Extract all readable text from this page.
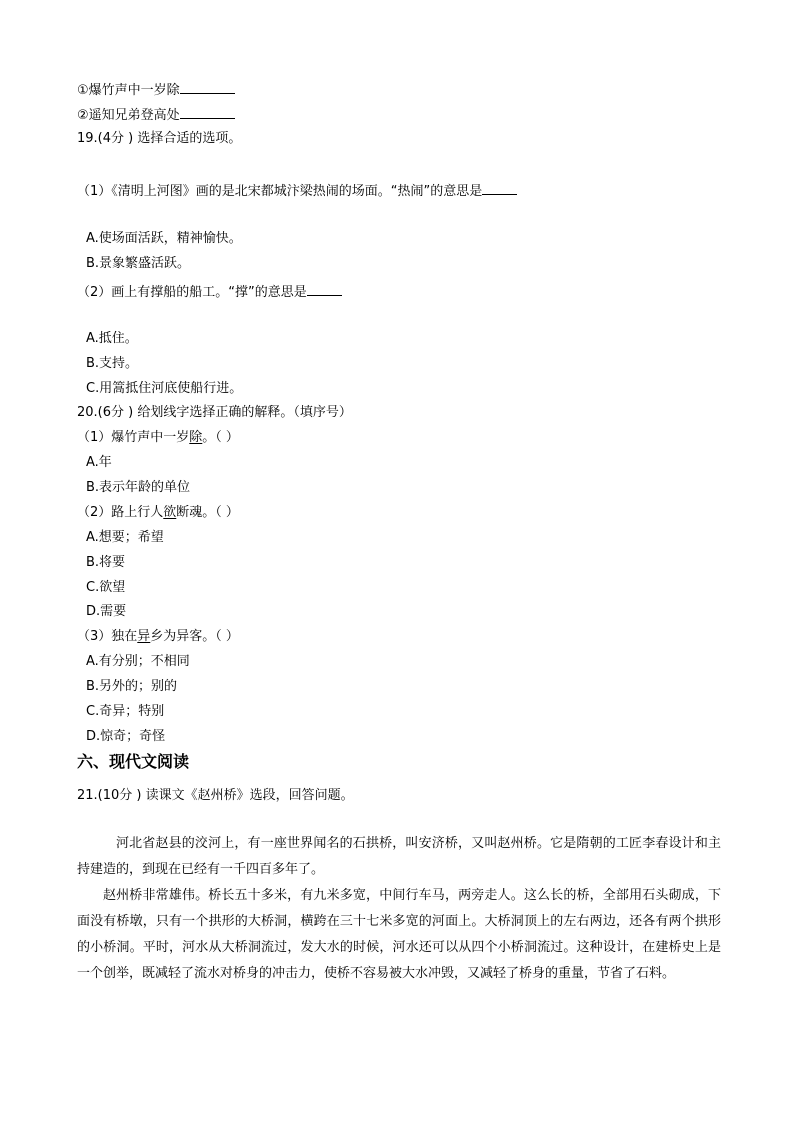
①爆竹声中一岁除
②遥知兄弟登高处
19.(4分 ) 选择合适的选项。
（1）《清明上河图》画的是北宋都城汴梁热闹的场面。“热闹”的意思是
A.使场面活跃，精神愉快。
B.景象繁盛活跃。
（2）画上有撑船的船工。“撑”的意思是
A.抵住。
B.支持。
C.用篙抵住河底使船行进。
20.(6分 ) 给划线字选择正确的解释。（填序号）
（1）爆竹声中一岁除。（ ）
A.年
B.表示年龄的单位
（2）路上行人欲断魂。（ ）
A.想要；希望
B.将要
C.欲望
D.需要
（3）独在异乡为异客。（ ）
A.有分别；不相同
B.另外的；别的
C.奇异；特别
D.惊奇；奇怪
六、现代文阅读
21.(10分 ) 读课文《赵州桥》选段，回答问题。
河北省赵县的洨河上，有一座世界闻名的石拱桥，叫安济桥，又叫赵州桥。它是隋朝的工匠李春设计和主持建造的，到现在已经有一千四百多年了。
赵州桥非常雄伟。桥长五十多米，有九米多宽，中间行车马，两旁走人。这么长的桥，全部用石头砌成，下面没有桥墩，只有一个拱形的大桥洞，横跨在三十七米多宽的河面上。大桥洞顶上的左右两边，还各有两个拱形的小桥洞。平时，河水从大桥洞流过，发大水的时候，河水还可以从四个小桥洞流过。这种设计，在建桥史上是一个创举，既减轻了流水对桥身的冲击力，使桥不容易被大水冲毁，又减轻了桥身的重量，节省了石料。
